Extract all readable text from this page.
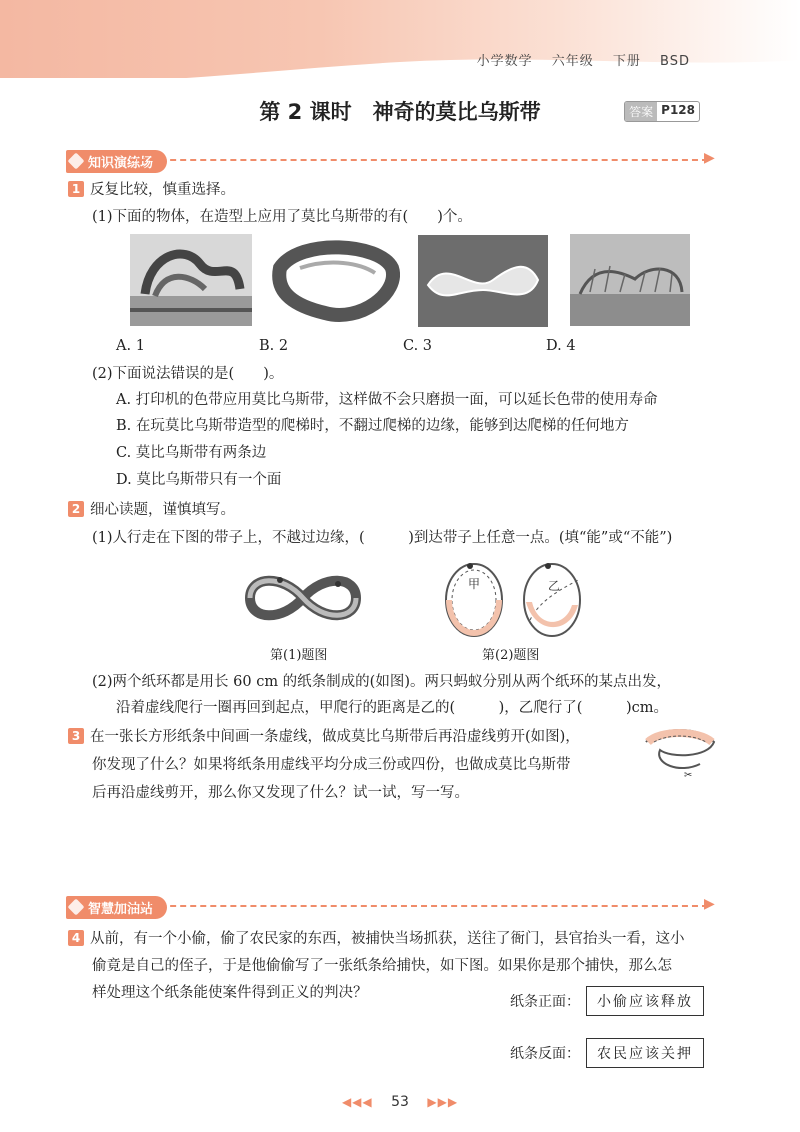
小学数学 六年级 下册 BSD
第 2 课时　神奇的莫比乌斯带	答案 P128
知识演练场	▶
1 反复比较，慎重选择。
(1)下面的物体，在造型上应用了莫比乌斯带的有(　　)个。
A. 1	B. 2	C. 3	D. 4
(2)下面说法错误的是(　　)。
A. 打印机的色带应用莫比乌斯带，这样做不会只磨损一面，可以延长色带的使用寿命
B. 在玩莫比乌斯带造型的爬梯时，不翻过爬梯的边缘，能够到达爬梯的任何地方
C. 莫比乌斯带有两条边
D. 莫比乌斯带只有一个面
2 细心读题，谨慎填写。
(1)人行走在下图的带子上，不越过边缘，(　　　)到达带子上任意一点。(填“能”或“不能”)
甲	乙
第(1)题图	第(2)题图
(2)两个纸环都是用长 60 cm 的纸条制成的(如图)。两只蚂蚁分别从两个纸环的某点出发，
沿着虚线爬行一圈再回到起点，甲爬行的距离是乙的(　　　)，乙爬行了(　　　)cm。
3 在一张长方形纸条中间画一条虚线，做成莫比乌斯带后再沿虚线剪开(如图)，
你发现了什么？如果将纸条用虚线平均分成三份或四份，也做成莫比乌斯带
后再沿虚线剪开，那么你又发现了什么？试一试，写一写。
✂
智慧加油站	▶
4 从前，有一个小偷，偷了农民家的东西，被捕快当场抓获，送往了衙门，县官抬头一看，这小
偷竟是自己的侄子，于是他偷偷写了一张纸条给捕快，如下图。如果你是那个捕快，那么怎
样处理这个纸条能使案件得到正义的判决？
纸条正面：	小偷应该释放
纸条反面：	农民应该关押
◀◀◀ 53 ▶▶▶
